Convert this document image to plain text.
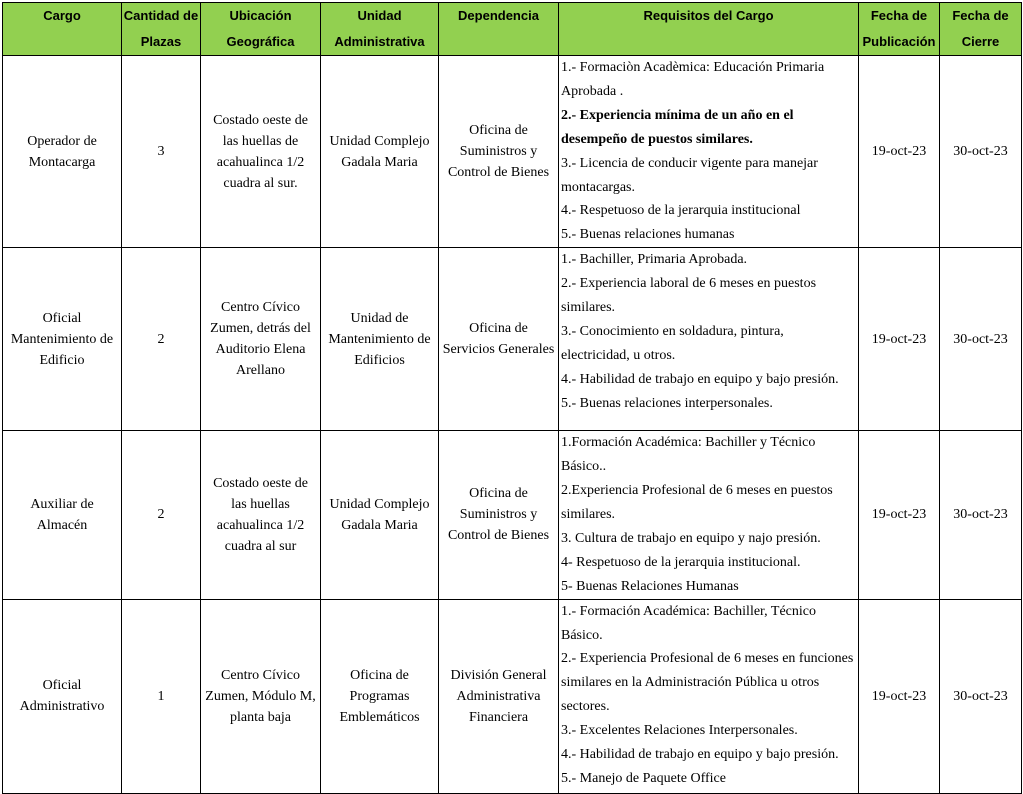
Cargo	Cantidad de Plazas	Ubicación Geográfica	Unidad Administrativa	Dependencia	Requisitos del Cargo	Fecha de Publicación	Fecha de Cierre
Operador de Montacarga	3	Costado oeste de las huellas de acahualinca 1/2 cuadra al sur.	Unidad Complejo Gadala Maria	Oficina de Suministros y Control de Bienes	1.- Formaciòn Acadèmica: Educación Primaria Aprobada .
2.- Experiencia mínima de un año en el desempeño de puestos similares.
3.- Licencia de conducir vigente para manejar montacargas.
4.- Respetuoso de la jerarquia institucional
5.- Buenas relaciones humanas	19-oct-23	30-oct-23
Oficial Mantenimiento de Edificio	2	Centro Cívico Zumen, detrás del Auditorio Elena Arellano	Unidad de Mantenimiento de Edificios	Oficina de Servicios Generales	1.- Bachiller, Primaria Aprobada.
2.- Experiencia laboral de 6 meses en puestos similares.
3.- Conocimiento en soldadura, pintura, electricidad, u otros.
4.- Habilidad de trabajo en equipo y bajo presión.
5.- Buenas relaciones interpersonales.	19-oct-23	30-oct-23
Auxiliar de Almacén	2	Costado oeste de las huellas acahualinca 1/2 cuadra al sur	Unidad Complejo Gadala Maria	Oficina de Suministros y Control de Bienes	1.Formación Académica: Bachiller y Técnico Básico..
2.Experiencia Profesional de 6 meses en puestos similares.
3. Cultura de trabajo en equipo y najo presión.
4- Respetuoso de la jerarquia institucional.
5- Buenas Relaciones Humanas	19-oct-23	30-oct-23
Oficial Administrativo	1	Centro Cívico Zumen, Módulo M, planta baja	Oficina de Programas Emblemáticos	División General Administrativa Financiera	1.- Formación Académica: Bachiller, Técnico Básico.
2.- Experiencia Profesional de 6 meses en funciones similares en la Administración Pública u otros sectores.
3.- Excelentes Relaciones Interpersonales.
4.- Habilidad de trabajo en equipo y bajo presión.
5.- Manejo de Paquete Office	19-oct-23	30-oct-23
